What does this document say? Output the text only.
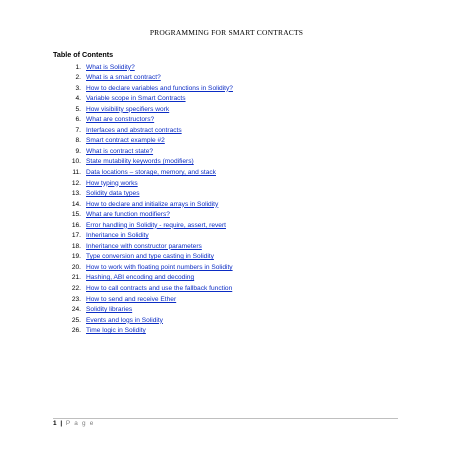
PROGRAMMING FOR SMART CONTRACTS
Table of Contents
1. What is Solidity?
2. What is a smart contract?
3. How to declare variables and functions in Solidity?
4. Variable scope in Smart Contracts
5. How visibility specifiers work
6. What are constructors?
7. Interfaces and abstract contracts
8. Smart contract example #2
9. What is contract state?
10. State mutability keywords (modifiers)
11. Data locations – storage, memory, and stack
12. How typing works
13. Solidity data types
14. How to declare and initialize arrays in Solidity
15. What are function modifiers?
16. Error handling in Solidity - require, assert, revert
17. Inheritance in Solidity
18. Inheritance with constructor parameters
19. Type conversion and type casting in Solidity
20. How to work with floating point numbers in Solidity
21. Hashing, ABI encoding and decoding
22. How to call contracts and use the fallback function
23. How to send and receive Ether
24. Solidity libraries
25. Events and logs in Solidity
26. Time logic in Solidity
1 | P a g e
